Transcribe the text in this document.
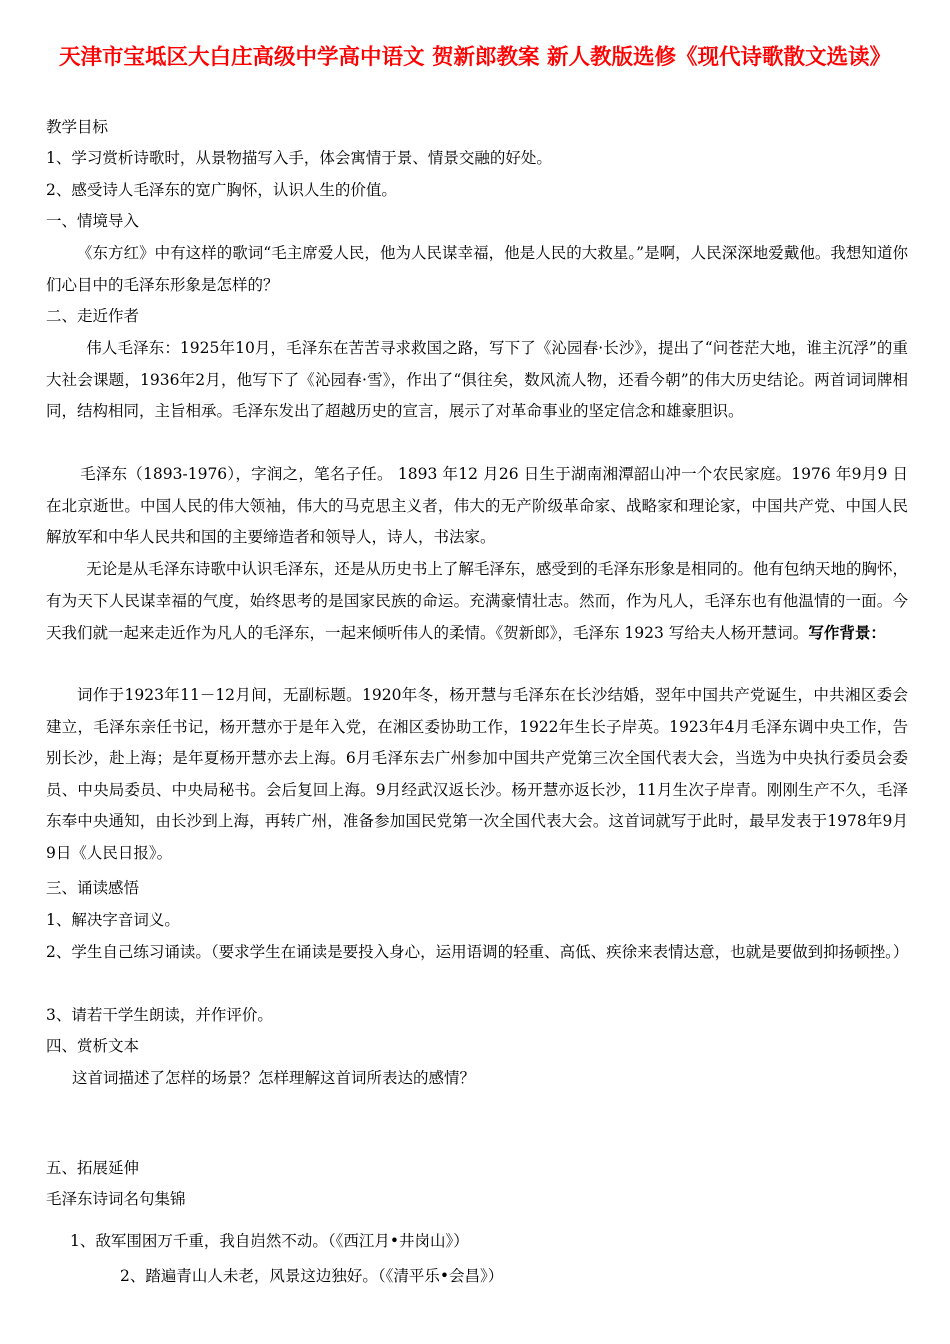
天津市宝坻区大白庄高级中学高中语文 贺新郎教案 新人教版选修《现代诗歌散文选读》
教学目标
1、学习赏析诗歌时，从景物描写入手，体会寓情于景、情景交融的好处。
2、感受诗人毛泽东的宽广胸怀，认识人生的价值。
一、情境导入
《东方红》中有这样的歌词“毛主席爱人民，他为人民谋幸福，他是人民的大救星。”是啊，人民深深地爱戴他。我想知道你们心目中的毛泽东形象是怎样的？
二、走近作者
伟人毛泽东：1925年10月，毛泽东在苦苦寻求救国之路，写下了《沁园春·长沙》，提出了“问苍茫大地，谁主沉浮”的重大社会课题，1936年2月，他写下了《沁园春·雪》，作出了“俱往矣，数风流人物，还看今朝”的伟大历史结论。两首词词牌相同，结构相同，主旨相承。毛泽东发出了超越历史的宣言，展示了对革命事业的坚定信念和雄豪胆识。
毛泽东（1893-1976），字润之，笔名子任。 1893 年12 月26 日生于湖南湘潭韶山冲一个农民家庭。1976 年9月9 日在北京逝世。中国人民的伟大领袖，伟大的马克思主义者，伟大的无产阶级革命家、战略家和理论家，中国共产党、中国人民解放军和中华人民共和国的主要缔造者和领导人，诗人，书法家。
无论是从毛泽东诗歌中认识毛泽东，还是从历史书上了解毛泽东，感受到的毛泽东形象是相同的。他有包纳天地的胸怀，有为天下人民谋幸福的气度，始终思考的是国家民族的命运。充满豪情壮志。然而，作为凡人，毛泽东也有他温情的一面。今天我们就一起来走近作为凡人的毛泽东，一起来倾听伟人的柔情。《贺新郎》，毛泽东 1923 写给夫人杨开慧词。写作背景：
词作于1923年11－12月间，无副标题。1920年冬，杨开慧与毛泽东在长沙结婚，翌年中国共产党诞生，中共湘区委会建立，毛泽东亲任书记，杨开慧亦于是年入党，在湘区委协助工作，1922年生长子岸英。1923年4月毛泽东调中央工作，告别长沙，赴上海；是年夏杨开慧亦去上海。6月毛泽东去广州参加中国共产党第三次全国代表大会，当选为中央执行委员会委员、中央局委员、中央局秘书。会后复回上海。9月经武汉返长沙。杨开慧亦返长沙，11月生次子岸青。刚刚生产不久，毛泽东奉中央通知，由长沙到上海，再转广州，准备参加国民党第一次全国代表大会。这首词就写于此时，最早发表于1978年9月9日《人民日报》。
三、诵读感悟
1、解决字音词义。
2、学生自己练习诵读。（要求学生在诵读是要投入身心，运用语调的轻重、高低、疾徐来表情达意，也就是要做到抑扬顿挫。）
3、请若干学生朗读，并作评价。
四、赏析文本
这首词描述了怎样的场景？怎样理解这首词所表达的感情？
五、拓展延伸
毛泽东诗词名句集锦
1、敌军围困万千重，我自岿然不动。（《西江月•井岗山》）
2、踏遍青山人未老，风景这边独好。（《清平乐•会昌》）
